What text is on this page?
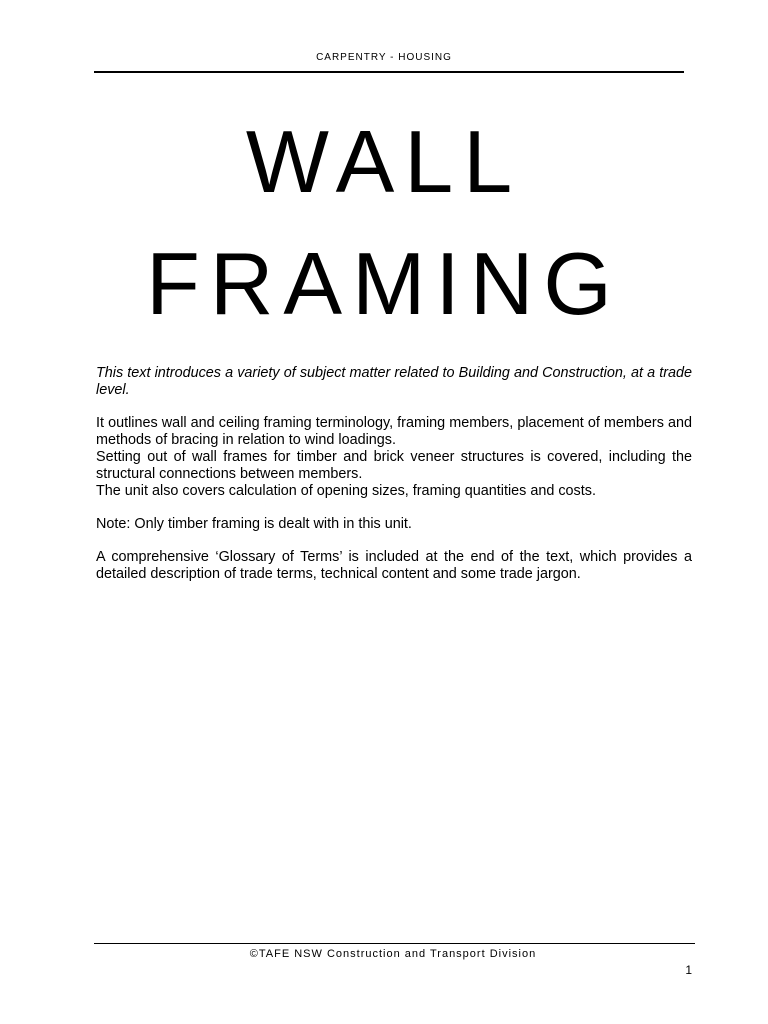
CARPENTRY - HOUSING
WALL
FRAMING

This text introduces a variety of subject matter related to Building and Construction, at a trade level.

It outlines wall and ceiling framing terminology, framing members, placement of members and methods of bracing in relation to wind loadings.

Setting out of wall frames for timber and brick veneer structures is covered, including the structural connections between members.

The unit also covers calculation of opening sizes, framing quantities and costs.

Note: Only timber framing is dealt with in this unit.

A comprehensive ‘Glossary of Terms’ is included at the end of the text, which provides a detailed description of trade terms, technical content and some trade jargon.

©TAFE NSW Construction and Transport Division
1
